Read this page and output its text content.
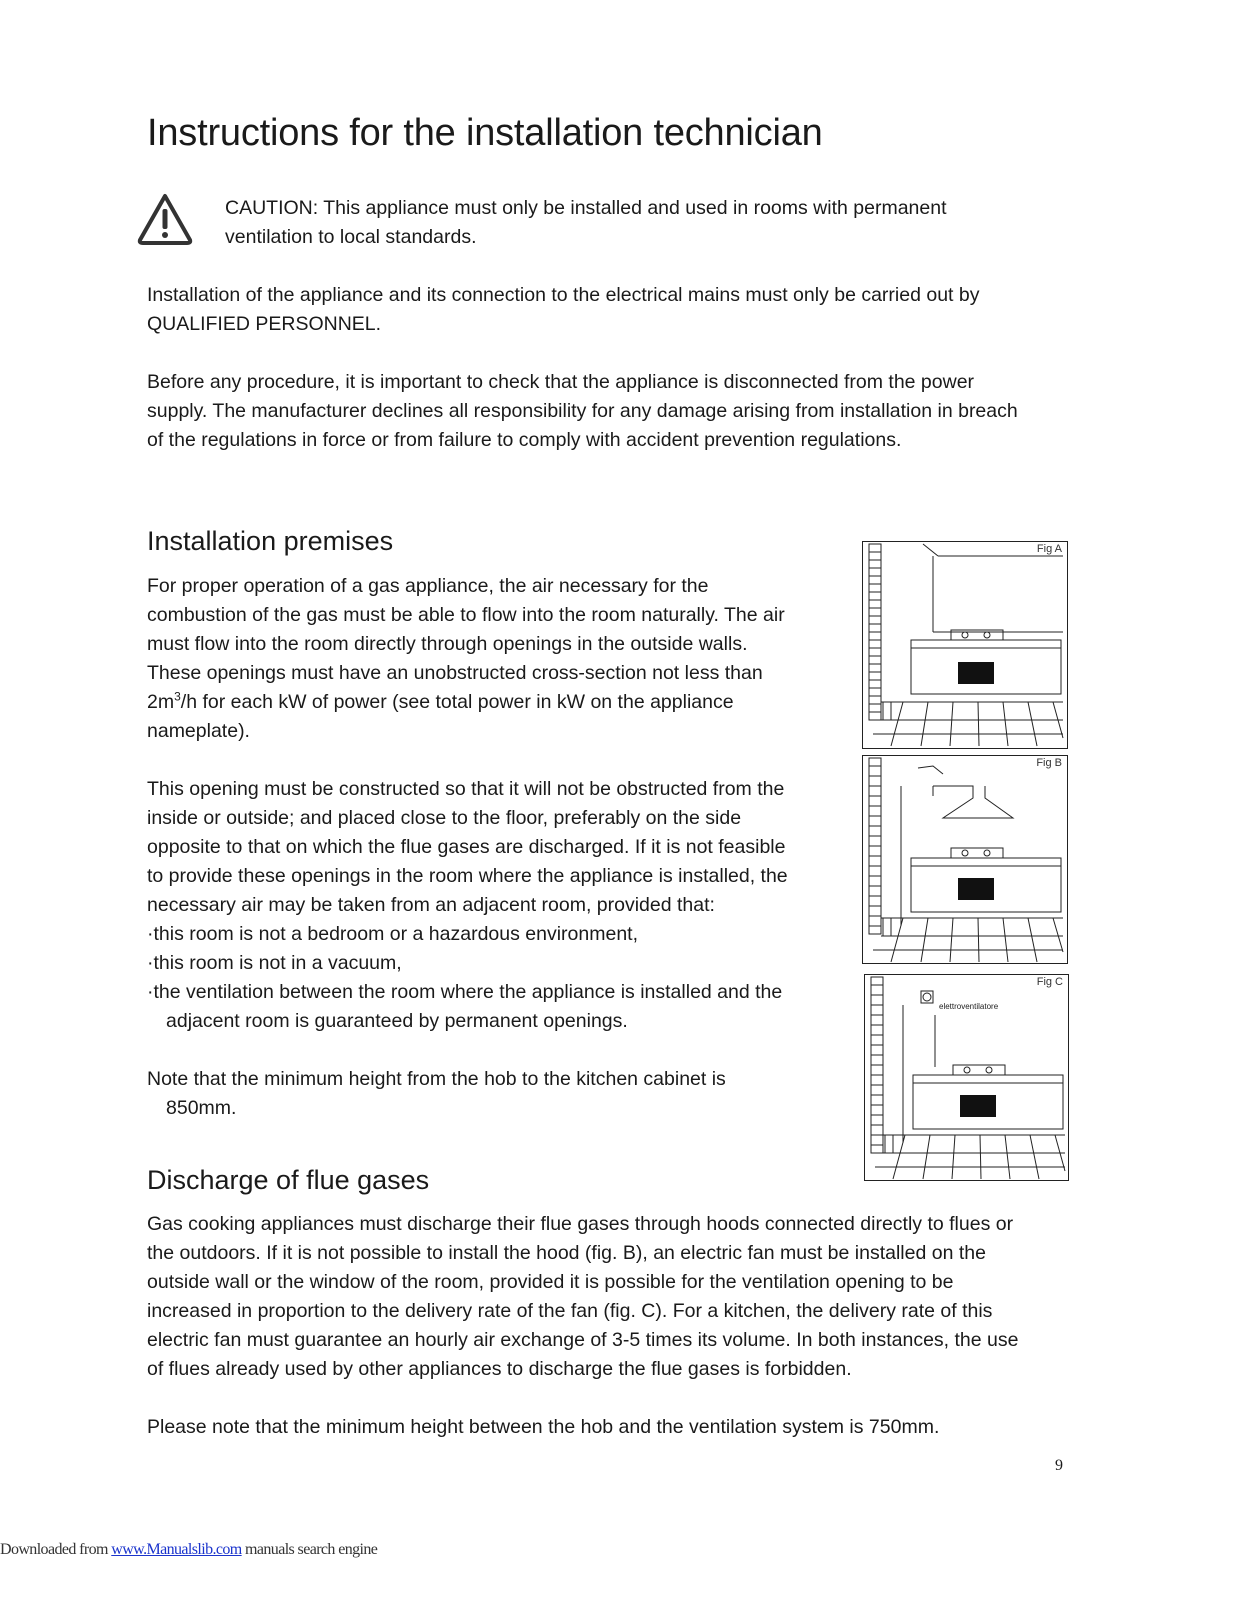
Instructions for the installation technician
CAUTION: This appliance must only be installed and used in rooms with permanent
ventilation to local standards.
Installation of the appliance and its connection to the electrical mains must only be carried out by
QUALIFIED PERSONNEL.
Before any procedure, it is important to check that the appliance is disconnected from the power
supply. The manufacturer declines all responsibility for any damage arising from installation in breach
of the regulations in force or from failure to comply with accident prevention regulations.
Installation premises
For proper operation of a gas appliance, the air necessary for the
combustion of the gas must be able to flow into the room naturally. The air
must flow into the room directly through openings in the outside walls.
These openings must have an unobstructed cross-section not less than
$2m^3/h$ for each kW of power (see total power in kW on the appliance
nameplate).
This opening must be constructed so that it will not be obstructed from the
inside or outside; and placed close to the floor, preferably on the side
opposite to that on which the flue gases are discharged. If it is not feasible
to provide these openings in the room where the appliance is installed, the
necessary air may be taken from an adjacent room, provided that:
·this room is not a bedroom or a hazardous environment,
·this room is not in a vacuum,
·the ventilation between the room where the appliance is installed and the
adjacent room is guaranteed by permanent openings.
Note that the minimum height from the hob to the kitchen cabinet is
850mm.
Fig A
Fig B
Fig C
elettroventilatore
Discharge of flue gases
Gas cooking appliances must discharge their flue gases through hoods connected directly to flues or
the outdoors. If it is not possible to install the hood (fig. B), an electric fan must be installed on the
outside wall or the window of the room, provided it is possible for the ventilation opening to be
increased in proportion to the delivery rate of the fan (fig. C). For a kitchen, the delivery rate of this
electric fan must guarantee an hourly air exchange of 3-5 times its volume. In both instances, the use
of flues already used by other appliances to discharge the flue gases is forbidden.
Please note that the minimum height between the hob and the ventilation system is 750mm.
9
Downloaded from www.Manualslib.com manuals search engine
